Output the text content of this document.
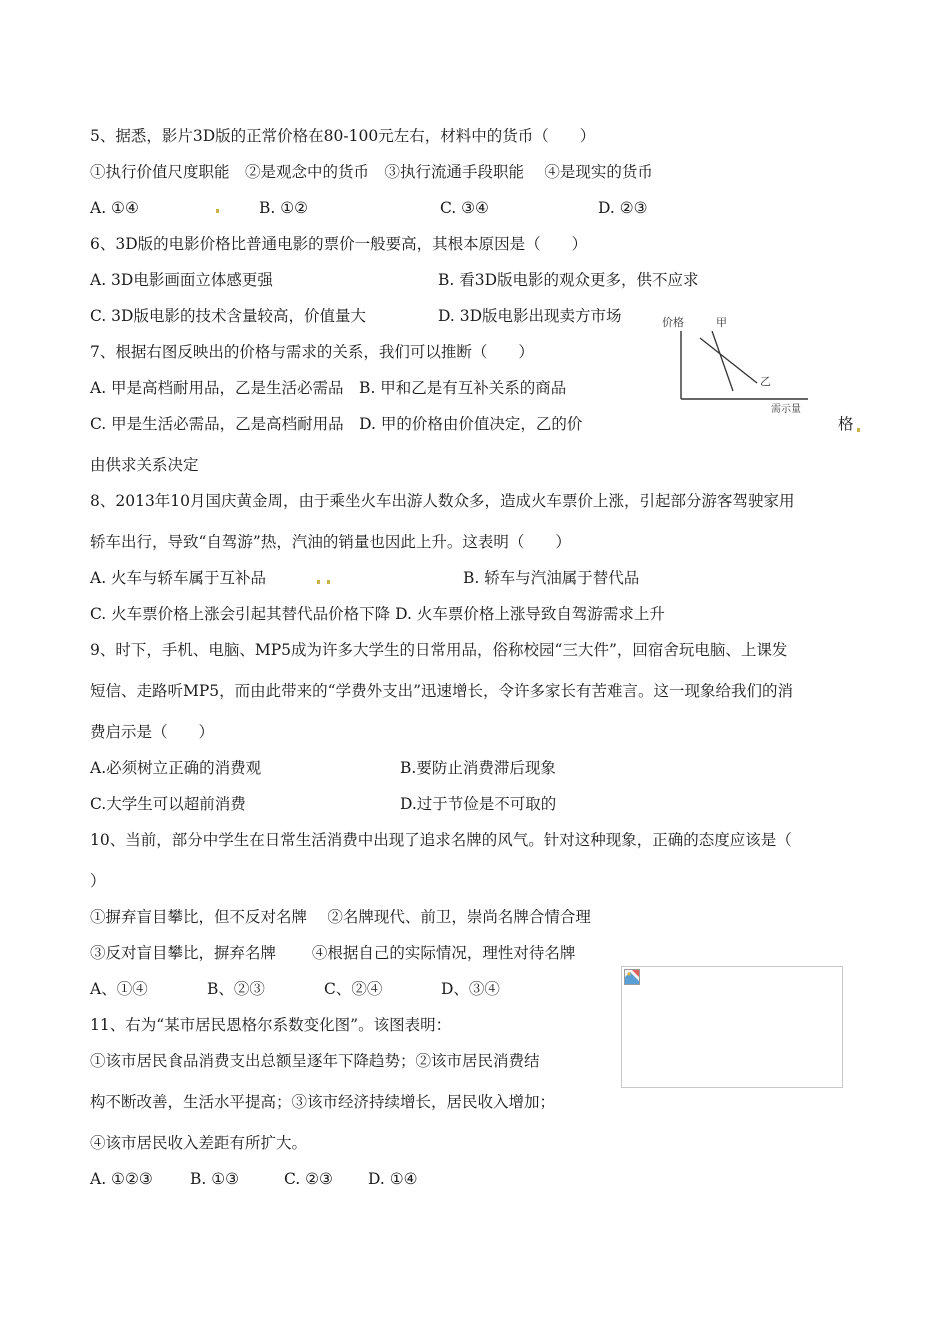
5、据悉，影片3D版的正常价格在80-100元左右，材料中的货币（　　）
①执行价值尺度职能　②是观念中的货币　③执行流通手段职能　 ④是现实的货币
A. ①④	B. ①②	C. ③④	D. ②③
6、3D版的电影价格比普通电影的票价一般要高，其根本原因是（　　）
A. 3D电影画面立体感更强	B. 看3D版电影的观众更多，供不应求
C. 3D版电影的技术含量较高，价值量大	D. 3D版电影出现卖方市场
7、根据右图反映出的价格与需求的关系，我们可以推断（　　）
A. 甲是高档耐用品，乙是生活必需品　B. 甲和乙是有互补关系的商品
C. 甲是生活必需品，乙是高档耐用品　D. 甲的价格由价值决定，乙的价	格
由供求关系决定
价格	甲
乙
需示量
8、2013年10月国庆黄金周，由于乘坐火车出游人数众多，造成火车票价上涨，引起部分游客驾驶家用
轿车出行，导致“自驾游”热，汽油的销量也因此上升。这表明（　　）
A. 火车与轿车属于互补品	B. 轿车与汽油属于替代品
C. 火车票价格上涨会引起其替代品价格下降 D. 火车票价格上涨导致自驾游需求上升
9、时下，手机、电脑、MP5成为许多大学生的日常用品，俗称校园“三大件”，回宿舍玩电脑、上课发
短信、走路听MP5，而由此带来的“学费外支出”迅速增长，令许多家长有苦难言。这一现象给我们的消
费启示是（　　）
A.必须树立正确的消费观	B.要防止消费滞后现象
C.大学生可以超前消费	D.过于节俭是不可取的
10、当前，部分中学生在日常生活消费中出现了追求名牌的风气。针对这种现象，正确的态度应该是（
）
①摒弃盲目攀比，但不反对名牌　 ②名牌现代、前卫，崇尚名牌合情合理
③反对盲目攀比，摒弃名牌　　 ④根据自己的实际情况，理性对待名牌
A、①④	B、②③	C、②④	D、③④
11、右为“某市居民恩格尔系数变化图”。该图表明：
①该市居民食品消费支出总额呈逐年下降趋势；②该市居民消费结
构不断改善，生活水平提高；③该市经济持续增长，居民收入增加；
④该市居民收入差距有所扩大。
A. ①②③ B. ①③	C. ②③ D. ①④
